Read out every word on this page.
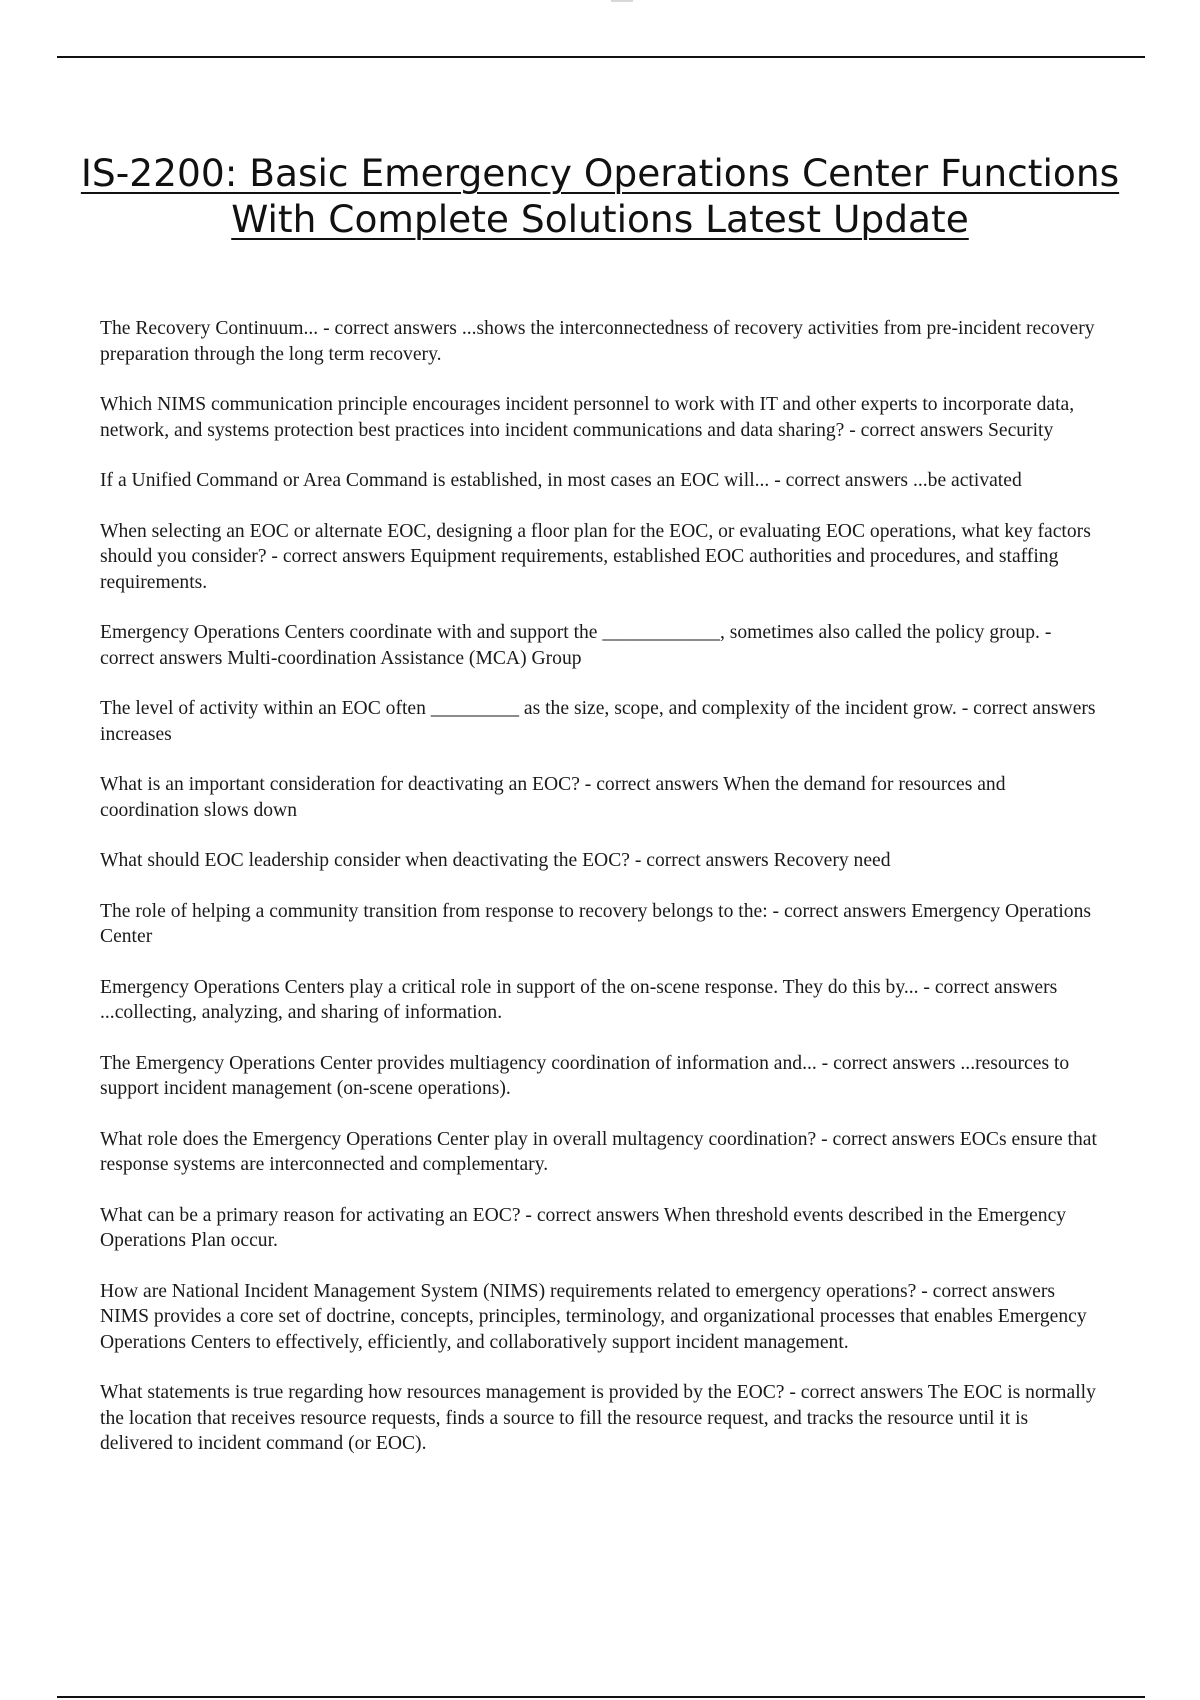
IS-2200: Basic Emergency Operations Center Functions With Complete Solutions Latest Update

The Recovery Continuum... - correct answers ...shows the interconnectedness of recovery activities from pre-incident recovery preparation through the long term recovery.

Which NIMS communication principle encourages incident personnel to work with IT and other experts to incorporate data, network, and systems protection best practices into incident communications and data sharing? - correct answers Security

If a Unified Command or Area Command is established, in most cases an EOC will... - correct answers ...be activated

When selecting an EOC or alternate EOC, designing a floor plan for the EOC, or evaluating EOC operations, what key factors should you consider? - correct answers Equipment requirements, established EOC authorities and procedures, and staffing requirements.

Emergency Operations Centers coordinate with and support the ____________, sometimes also called the policy group. - correct answers Multi-coordination Assistance (MCA) Group

The level of activity within an EOC often _________ as the size, scope, and complexity of the incident grow. - correct answers increases

What is an important consideration for deactivating an EOC? - correct answers When the demand for resources and coordination slows down

What should EOC leadership consider when deactivating the EOC? - correct answers Recovery need

The role of helping a community transition from response to recovery belongs to the: - correct answers Emergency Operations Center

Emergency Operations Centers play a critical role in support of the on-scene response. They do this by... - correct answers ...collecting, analyzing, and sharing of information.

The Emergency Operations Center provides multiagency coordination of information and... - correct answers ...resources to support incident management (on-scene operations).

What role does the Emergency Operations Center play in overall multagency coordination? - correct answers EOCs ensure that response systems are interconnected and complementary.

What can be a primary reason for activating an EOC? - correct answers When threshold events described in the Emergency Operations Plan occur.

How are National Incident Management System (NIMS) requirements related to emergency operations? - correct answers NIMS provides a core set of doctrine, concepts, principles, terminology, and organizational processes that enables Emergency Operations Centers to effectively, efficiently, and collaboratively support incident management.

What statements is true regarding how resources management is provided by the EOC? - correct answers The EOC is normally the location that receives resource requests, finds a source to fill the resource request, and tracks the resource until it is delivered to incident command (or EOC).
